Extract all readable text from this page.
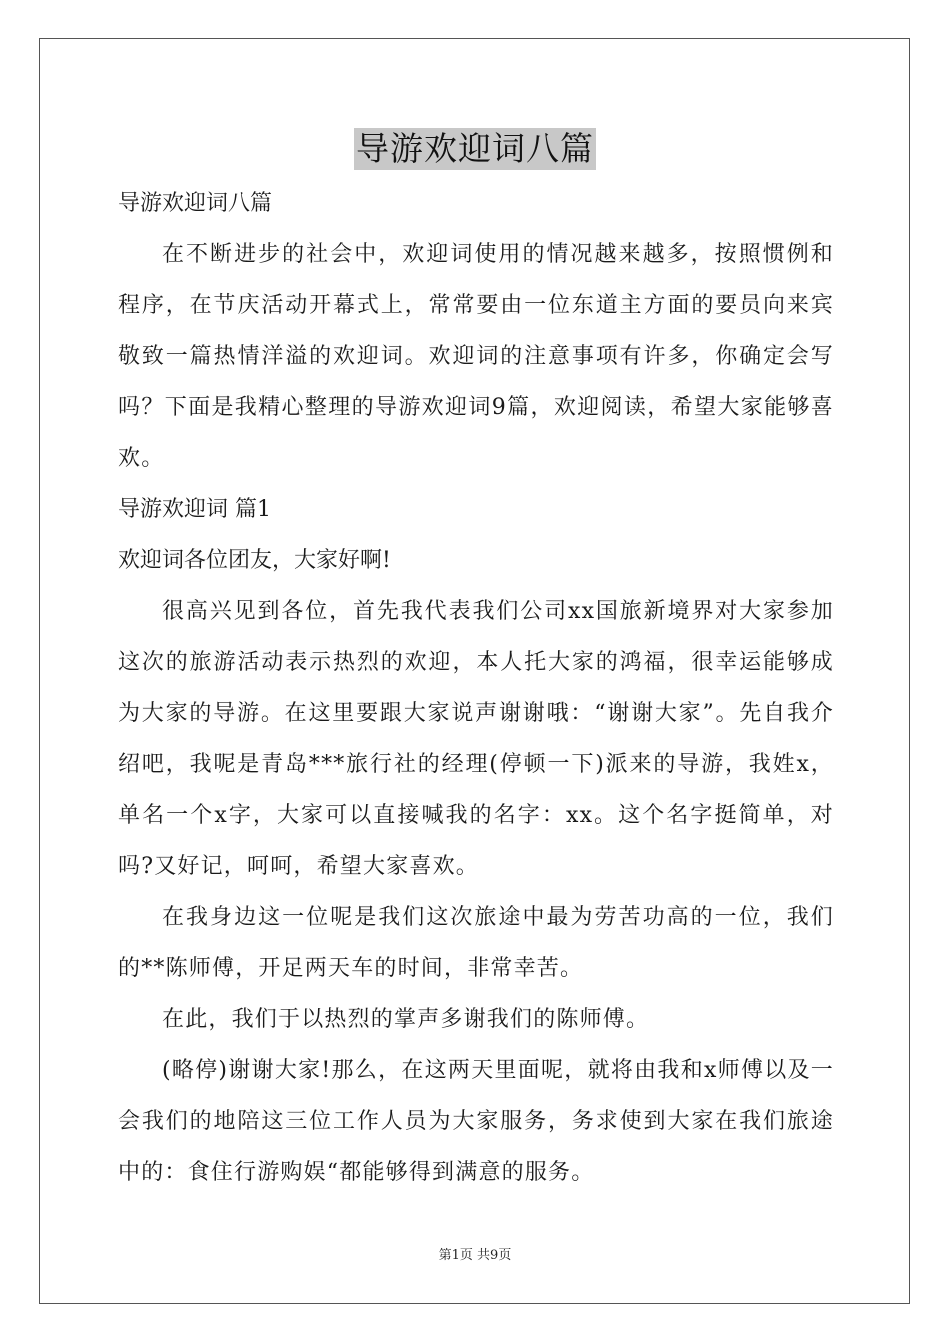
导游欢迎词八篇

导游欢迎词八篇

在不断进步的社会中，欢迎词使用的情况越来越多，按照惯例和程序，在节庆活动开幕式上，常常要由一位东道主方面的要员向来宾敬致一篇热情洋溢的欢迎词。欢迎词的注意事项有许多，你确定会写吗？下面是我精心整理的导游欢迎词9篇，欢迎阅读，希望大家能够喜欢。

导游欢迎词 篇1

欢迎词各位团友，大家好啊!

很高兴见到各位，首先我代表我们公司xx国旅新境界对大家参加这次的旅游活动表示热烈的欢迎，本人托大家的鸿福，很幸运能够成为大家的导游。在这里要跟大家说声谢谢哦：“谢谢大家”。先自我介绍吧，我呢是青岛***旅行社的经理(停顿一下)派来的导游，我姓x，单名一个x字，大家可以直接喊我的名字：xx。这个名字挺简单，对吗?又好记，呵呵，希望大家喜欢。

在我身边这一位呢是我们这次旅途中最为劳苦功高的一位，我们的**陈师傅，开足两天车的时间，非常幸苦。

在此，我们于以热烈的掌声多谢我们的陈师傅。

(略停)谢谢大家!那么，在这两天里面呢，就将由我和x师傅以及一会我们的地陪这三位工作人员为大家服务，务求使到大家在我们旅途中的：食住行游购娱“都能够得到满意的服务。

第1页 共9页
